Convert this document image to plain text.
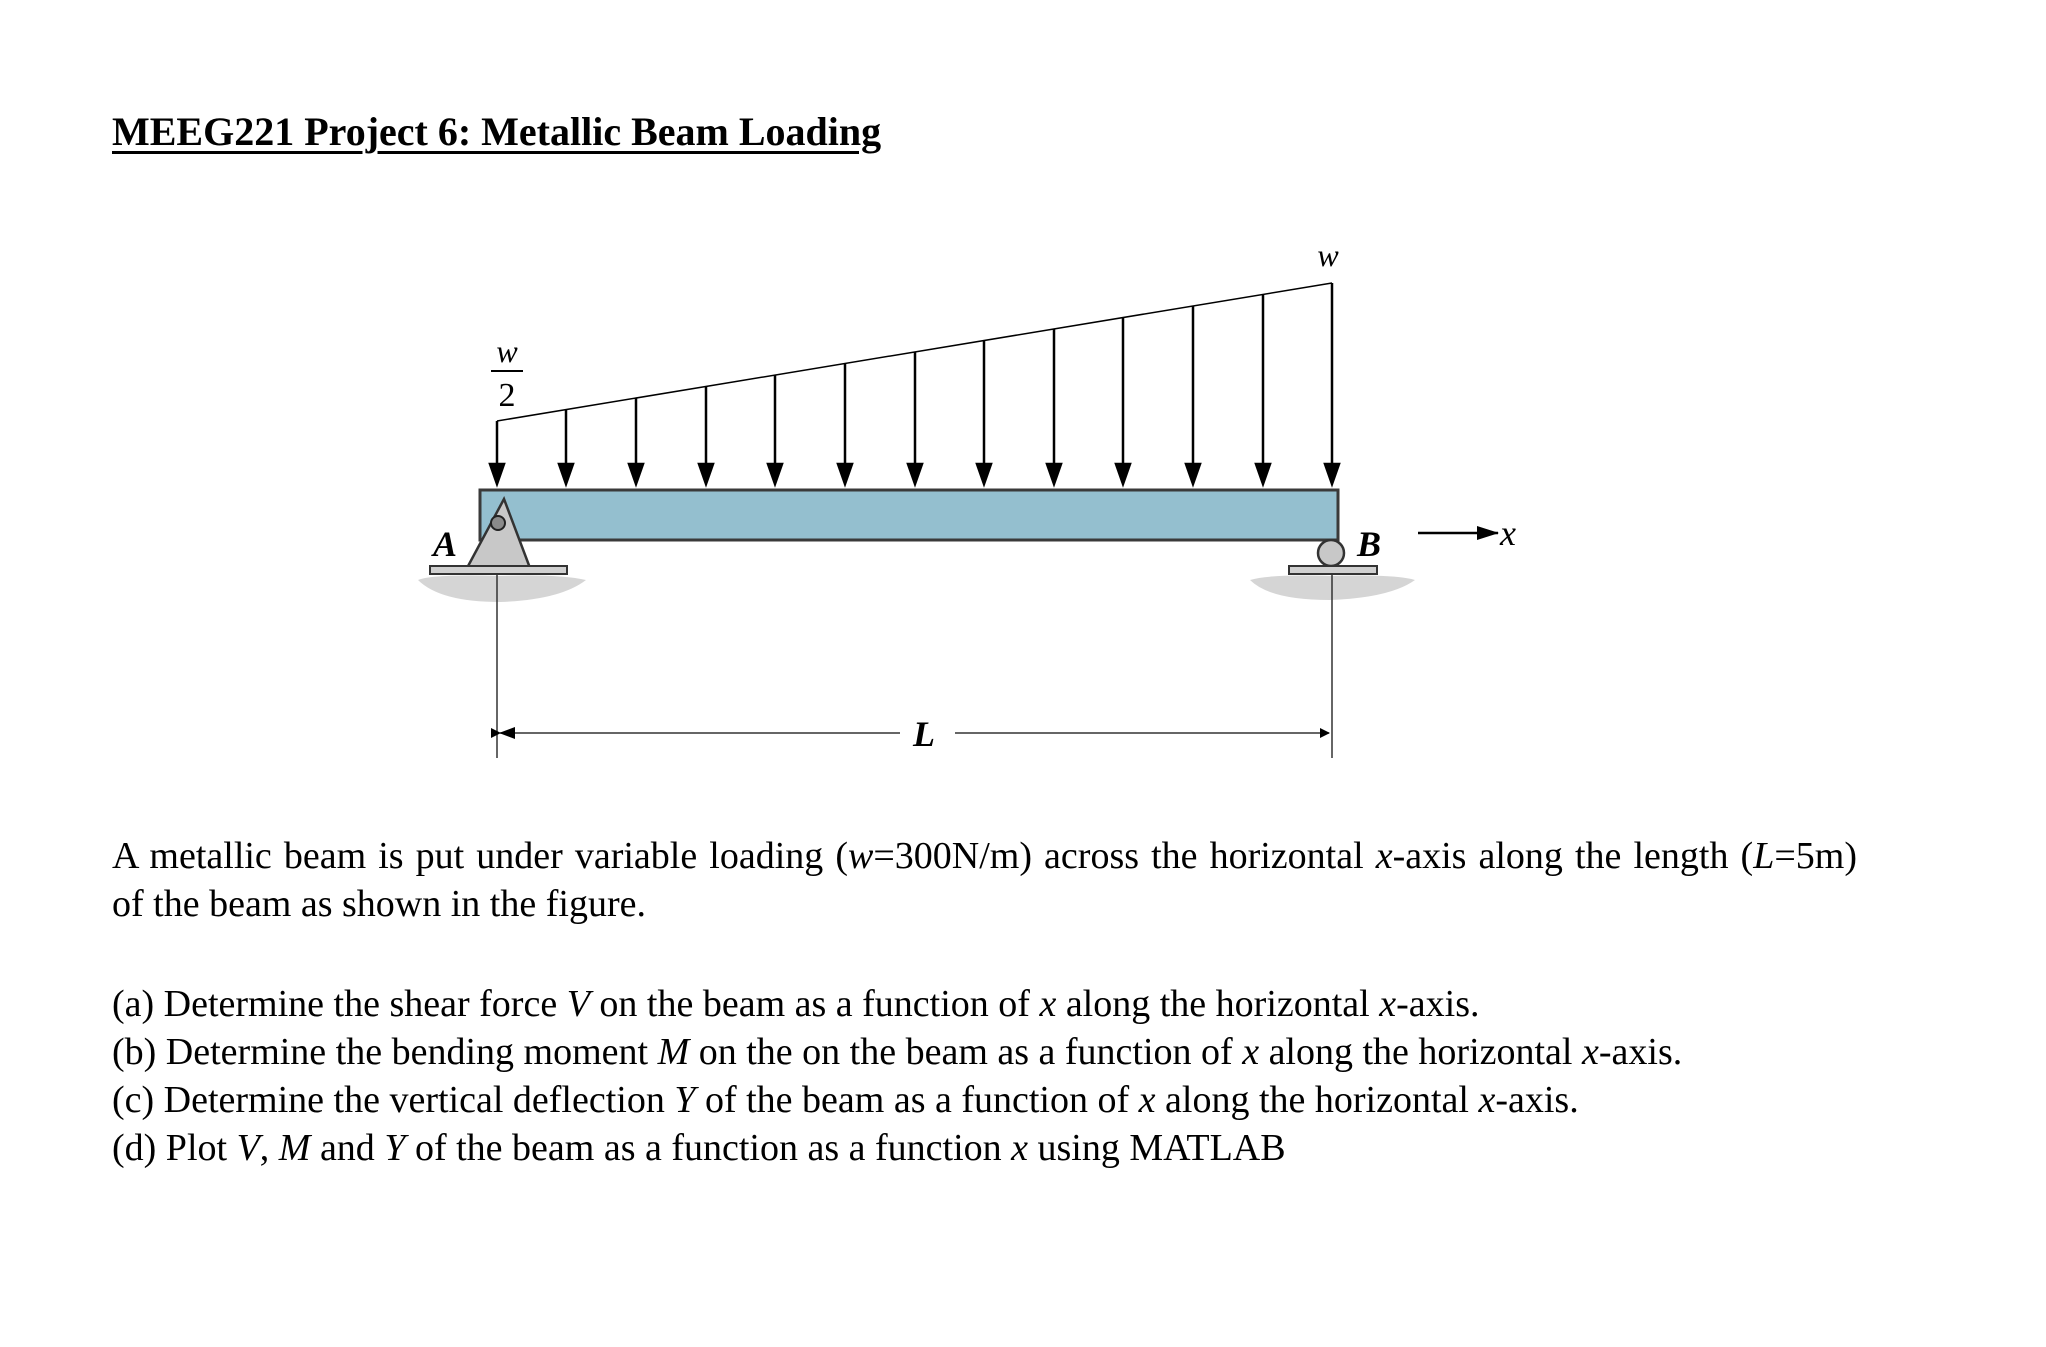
MEEG221 Project 6: Metallic Beam Loading
w
2
w
A	B	x
L
A metallic beam is put under variable loading (w=300N/m) across the horizontal x-axis along the length (L=5m) of the beam as shown in the figure.
(a) Determine the shear force V on the beam as a function of x along the horizontal x-axis.
(b) Determine the bending moment M on the on the beam as a function of x along the horizontal x-axis.
(c) Determine the vertical deflection Y of the beam as a function of x along the horizontal x-axis.
(d) Plot V, M and Y of the beam as a function as a function x using MATLAB
